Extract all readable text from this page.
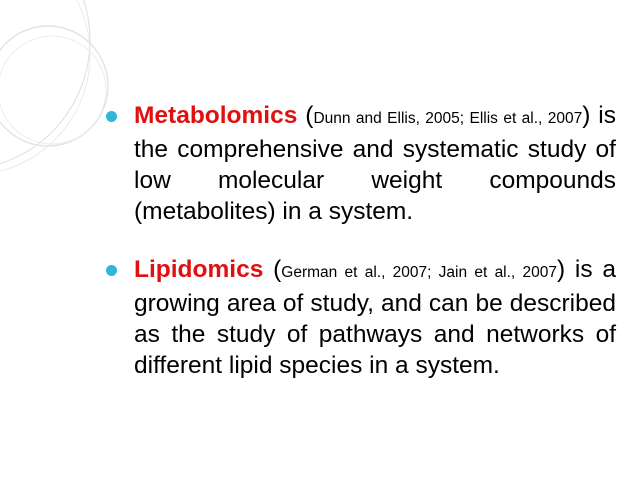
Metabolomics (Dunn and Ellis, 2005; Ellis et al., 2007) is the comprehensive and systematic study of low molecular weight compounds (metabolites) in a system.
Lipidomics (German et al., 2007; Jain et al., 2007) is a growing area of study, and can be described as the study of pathways and networks of different lipid species in a system.
